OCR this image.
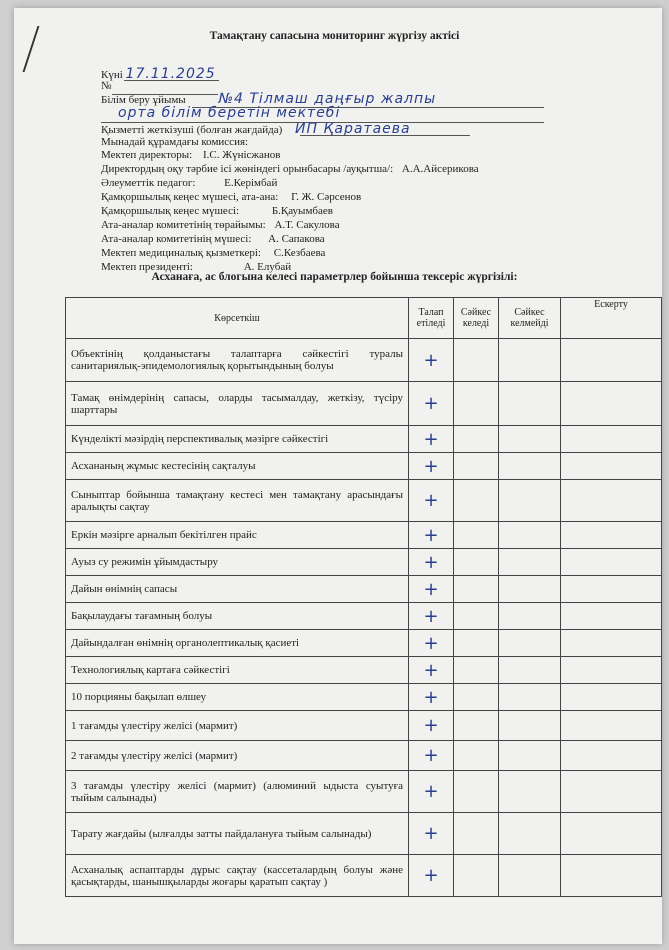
Тамақтану сапасына мониторинг жүргізу актісі
Күні 17.11.2025
№
Білім беру ұйымы №4 Тілмаш даңғыр жалпы
орта білім беретін мектебі
Қызметті жеткізуші (болған жағдайда) ИП Қаратаева
Мынадай құрамдағы комиссия:
Мектеп директоры: І.С. Жүнісжанов
Директордың оқу тәрбие ісі жөніндегі орынбасары /ауқытша/: А.А.Айсерикова
Әлеуметтік педагог:	Е.Керімбай
Қамқоршылық кеңес мүшесі, ата-ана: Г. Ж. Сәрсенов
Қамқоршылық кеңес мүшесі:	Б.Қауымбаев
Ата-аналар комитетінің төрайымы: А.Т. Сакулова
Ата-аналар комитетінің мүшесі: А. Сапакова
Мектеп медициналық қызметкері: С.Кезбаева
Мектеп президенті:	А. Елубай
Асханаға, ас блогына келесі параметрлер бойынша тексеріс жүргізілі:
Көрсеткіш	Талап етіледі	Сәйкес келеді	Сәйкес келмейді	Ескерту
Объектінің қолданыстағы талаптарға сәйкестігі туралы санитариялық-эпидемологиялық қорытындының болуы	+			
Тамақ өнімдерінің сапасы, оларды тасымалдау, жеткізу, түсіру шарттары	+			
Күнделікті мәзірдің перспективалық мәзірге сәйкестігі	+			
Асхананың жұмыс кестесінің сақталуы	+			
Сыныптар бойынша тамақтану кестесі мен тамақтану арасындағы аралықты сақтау	+			
Еркін мәзірге арналып бекітілген прайс	+			
Ауыз су режимін ұйымдастыру	+			
Дайын өнімнің сапасы	+			
Бақылаудағы тағамның болуы	+			
Дайындалған өнімнің органолептикалық қасиеті	+			
Технологиялық картаға сәйкестігі	+			
10 порцияны бақылап өлшеу	+			
1 тағамды үлестіру желісі (мармит)	+			
2 тағамды үлестіру желісі (мармит)	+			
3 тағамды үлестіру желісі (мармит) (алюминий ыдыста суытуға тыйым салынады)	+			
Тарату жағдайы (ылғалды затты пайдалануға тыйым салынады)	+			
Асханалық аспаптарды дұрыс сақтау (кассеталардың болуы және қасықтарды, шанышқыларды жоғары қаратып сақтау )	+			
